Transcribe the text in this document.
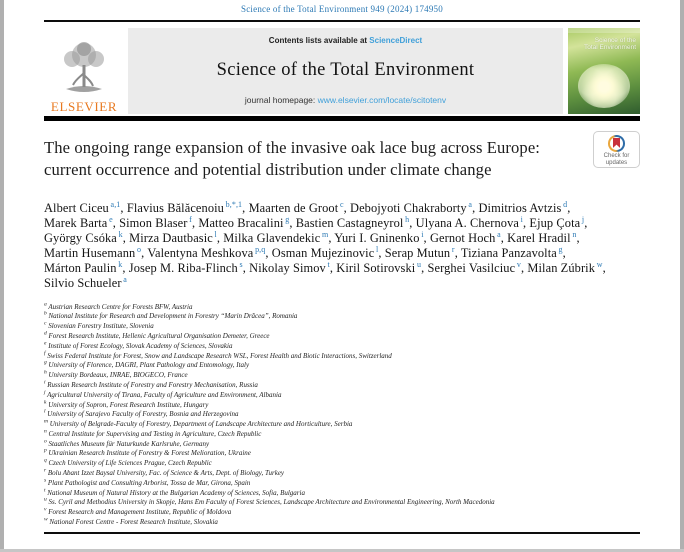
Science of the Total Environment 949 (2024) 174950
ELSEVIER
Contents lists available at ScienceDirect
Science of the Total Environment
journal homepage: www.elsevier.com/locate/scitotenv
Science of the Total Environment
The ongoing range expansion of the invasive oak lace bug across Europe: current occurrence and potential distribution under climate change
Check for
updates
Albert Ciceu $^{a,1}$, Flavius Bălăcenoiu $^{b,*,1}$, Maarten de Groot $^c$, Debojyoti Chakraborty $^a$, Dimitrios Avtzis $^d$, Marek Barta $^e$, Simon Blaser $^f$, Matteo Bracalini $^g$, Bastien Castagneyrol $^h$, Ulyana A. Chernova $^i$, Ejup Çota $^j$, György Csóka $^k$, Mirza Dautbasic $^l$, Milka Glavendekic $^m$, Yuri I. Gninenko $^i$, Gernot Hoch $^a$, Karel Hradil $^n$, Martin Husemann $^o$, Valentyna Meshkova $^{p,q}$, Osman Mujezinovic $^l$, Serap Mutun $^r$, Tiziana Panzavolta $^g$, Márton Paulin $^k$, Josep M. Riba-Flinch $^s$, Nikolay Simov $^t$, Kiril Sotirovski $^u$, Serghei Vasilciuc $^v$, Milan Zúbrik $^w$, Silvio Schueler $^a$
$^a$ Austrian Research Centre for Forests BFW, Austria
$^b$ National Institute for Research and Development in Forestry “Marin Drăcea”, Romania
$^c$ Slovenian Forestry Institute, Slovenia
$^d$ Forest Research Institute, Hellenic Agricultural Organisation Demeter, Greece
$^e$ Institute of Forest Ecology, Slovak Academy of Sciences, Slovakia
$^f$ Swiss Federal Institute for Forest, Snow and Landscape Research WSL, Forest Health and Biotic Interactions, Switzerland
$^g$ University of Florence, DAGRI, Plant Pathology and Entomology, Italy
$^h$ University Bordeaux, INRAE, BIOGECO, France
$^i$ Russian Research Institute of Forestry and Forestry Mechanisation, Russia
$^j$ Agricultural University of Tirana, Faculty of Agriculture and Environment, Albania
$^k$ University of Sopron, Forest Research Institute, Hungary
$^l$ University of Sarajevo Faculty of Forestry, Bosnia and Herzegovina
$^m$ University of Belgrade-Faculty of Forestry, Department of Landscape Architecture and Horticulture, Serbia
$^n$ Central Institute for Supervising and Testing in Agriculture, Czech Republic
$^o$ Staatliches Museum für Naturkunde Karlsruhe, Germany
$^p$ Ukrainian Research Institute of Forestry & Forest Melioration, Ukraine
$^q$ Czech University of Life Sciences Prague, Czech Republic
$^r$ Bolu Abant Izzet Baysal University, Fac. of Science & Arts, Dept. of Biology, Turkey
$^s$ Plant Pathologist and Consulting Arborist, Tossa de Mar, Girona, Spain
$^t$ National Museum of Natural History at the Bulgarian Academy of Sciences, Sofia, Bulgaria
$^u$ Ss. Cyril and Methodius University in Skopje, Hans Em Faculty of Forest Sciences, Landscape Architecture and Environmental Engineering, North Macedonia
$^v$ Forest Research and Management Institute, Republic of Moldova
$^w$ National Forest Centre - Forest Research Institute, Slovakia
